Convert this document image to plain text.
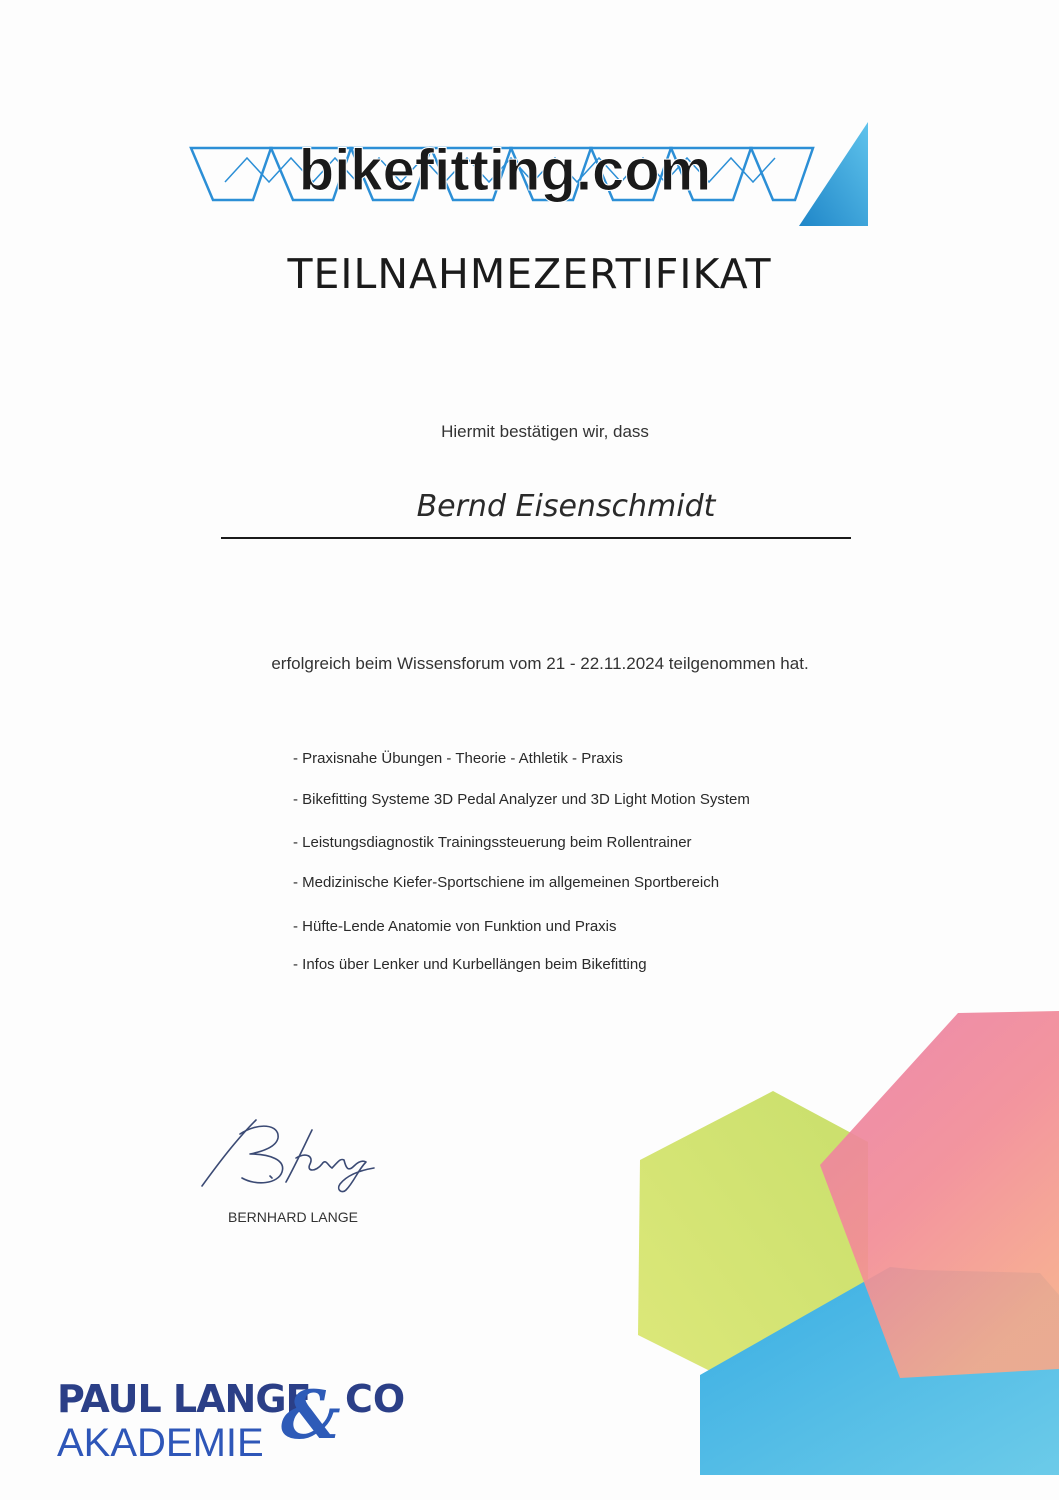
bikefitting.com
TEILNAHMEZERTIFIKAT
Hiermit bestätigen wir, dass
Bernd Eisenschmidt
erfolgreich beim Wissensforum vom 21 - 22.11.2024 teilgenommen hat.
- Praxisnahe Übungen - Theorie - Athletik - Praxis
- Bikefitting Systeme 3D Pedal Analyzer und 3D Light Motion System
- Leistungsdiagnostik Trainingssteuerung beim Rollentrainer
- Medizinische Kiefer-Sportschiene im allgemeinen Sportbereich
- Hüfte-Lende Anatomie von Funktion und Praxis
- Infos über Lenker und Kurbellängen beim Bikefitting
BERNHARD LANGE
PAUL LANGE
& CO
AKADEMIE
